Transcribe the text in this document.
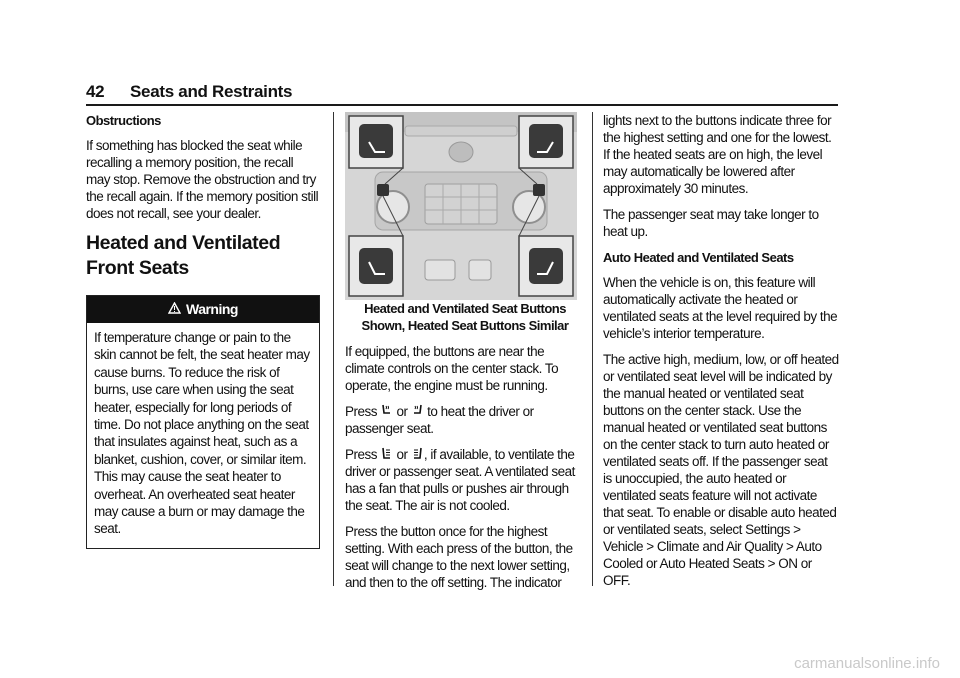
42 Seats and Restraints

Obstructions

If something has blocked the seat while recalling a memory position, the recall may stop. Remove the obstruction and try the recall again. If the memory position still does not recall, see your dealer.

Heated and Ventilated Front Seats
Warning
If temperature change or pain to the skin cannot be felt, the seat heater may cause burns. To reduce the risk of burns, use care when using the seat heater, especially for long periods of time. Do not place anything on the seat that insulates against heat, such as a blanket, cushion, cover, or similar item. This may cause the seat heater to overheat. An overheated seat heater may cause a burn or may damage the seat.

Heated and Ventilated Seat Buttons Shown, Heated Seat Buttons Similar

If equipped, the buttons are near the climate controls on the center stack. To operate, the engine must be running.

Press or to heat the driver or passenger seat.

Press or , if available, to ventilate the driver or passenger seat. A ventilated seat has a fan that pulls or pushes air through the seat. The air is not cooled.

Press the button once for the highest setting. With each press of the button, the seat will change to the next lower setting, and then to the off setting. The indicator

lights next to the buttons indicate three for the highest setting and one for the lowest. If the heated seats are on high, the level may automatically be lowered after approximately 30 minutes.

The passenger seat may take longer to heat up.

Auto Heated and Ventilated Seats

When the vehicle is on, this feature will automatically activate the heated or ventilated seats at the level required by the vehicle’s interior temperature.

The active high, medium, low, or off heated or ventilated seat level will be indicated by the manual heated or ventilated seat buttons on the center stack. Use the manual heated or ventilated seat buttons on the center stack to turn auto heated or ventilated seats off. If the passenger seat is unoccupied, the auto heated or ventilated seats feature will not activate that seat. To enable or disable auto heated or ventilated seats, select Settings > Vehicle > Climate and Air Quality > Auto Cooled or Auto Heated Seats > ON or OFF.

carmanualsonline.info
